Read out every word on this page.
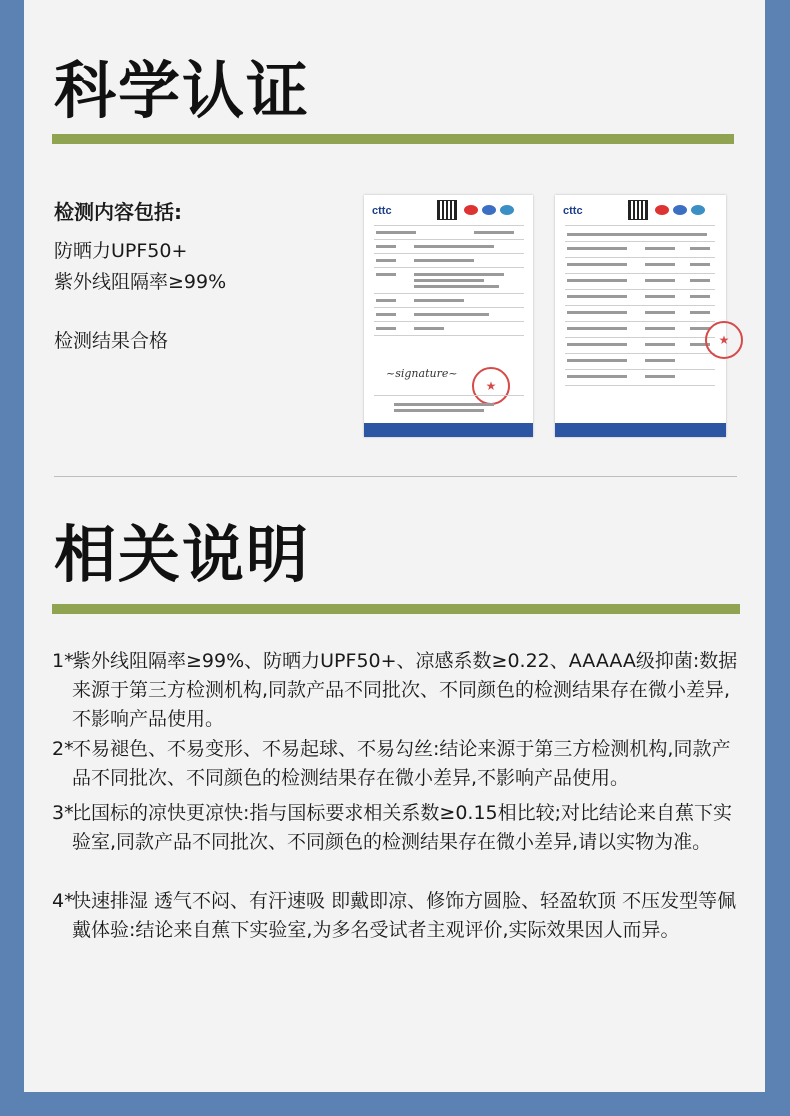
科学认证
检测内容包括:
防晒力UPF50+
紫外线阻隔率≥99%
检测结果合格
cttc
~signature~
★
cttc
★
相关说明
1*
紫外线阻隔率≥99%、防晒力UPF50+、凉感系数≥0.22、AAAAA级抑菌:数据来源于第三方检测机构,同款产品不同批次、不同颜色的检测结果存在微小差异,不影响产品使用。
2*
不易褪色、不易变形、不易起球、不易勾丝:结论来源于第三方检测机构,同款产品不同批次、不同颜色的检测结果存在微小差异,不影响产品使用。
3*
比国标的凉快更凉快:指与国标要求相关系数≥0.15相比较;对比结论来自蕉下实验室,同款产品不同批次、不同颜色的检测结果存在微小差异,请以实物为准。
4*
快速排湿 透气不闷、有汗速吸 即戴即凉、修饰方圆脸、轻盈软顶 不压发型等佩戴体验:结论来自蕉下实验室,为多名受试者主观评价,实际效果因人而异。
